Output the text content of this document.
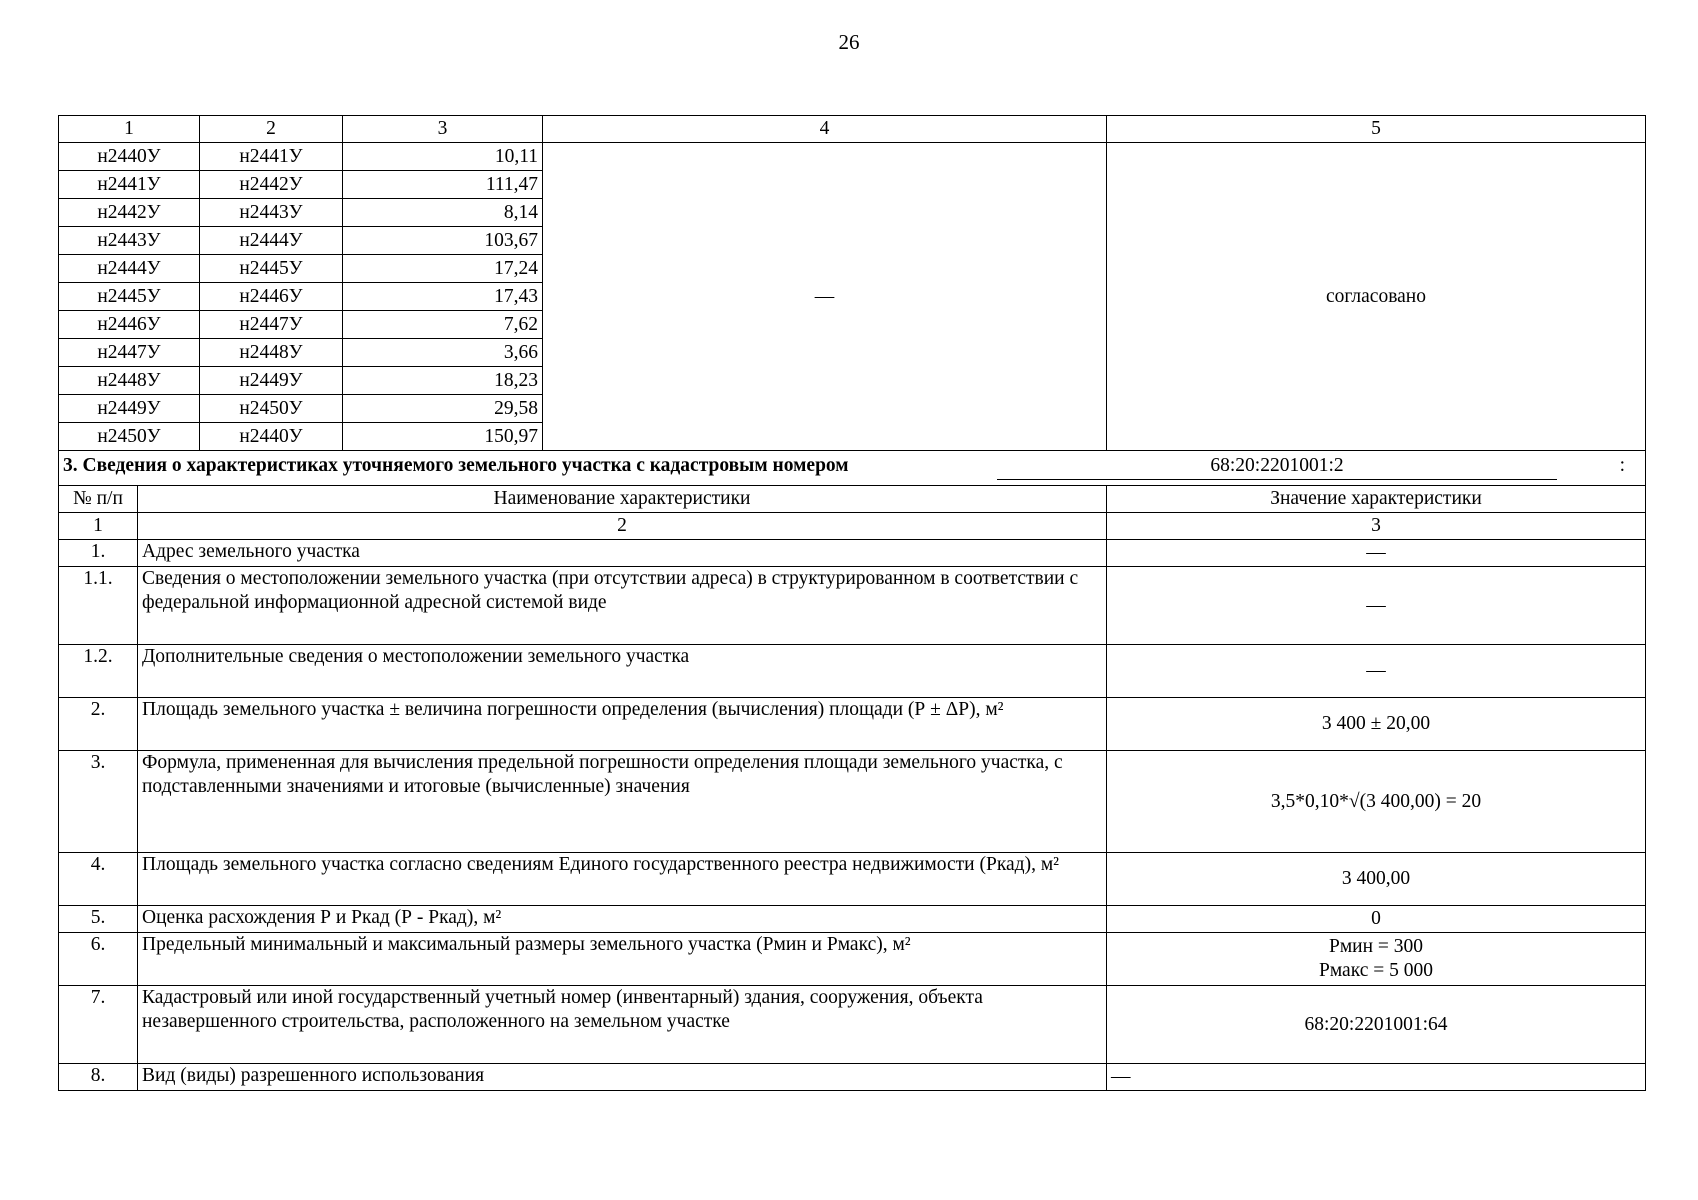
26
1		2	3	4	5
н2440У		н2441У	10,11	—	согласовано
н2441У		н2442У	111,47		
н2442У		н2443У	8,14		
н2443У		н2444У	103,67		
н2444У		н2445У	17,24		
н2445У		н2446У	17,43		
н2446У		н2447У	7,62		
н2447У		н2448У	3,66		
н2448У		н2449У	18,23		
н2449У		н2450У	29,58		
н2450У		н2440У	150,97		

3. Сведения о характеристиках уточняемого земельного участка с кадастровым номером 68:20:2201001:2 :					

№ п/п	Наименование характеристики				Значение характеристики
1	2				3
1.	Адрес земельного участка				—
1.1.	Сведения о местоположении земельного участка (при отсутствии адреса) в структурированном в соответствии с федеральной информационной адресной системой виде				—
1.2.	Дополнительные сведения о местоположении земельного участка				—
2.	Площадь земельного участка ± величина погрешности определения (вычисления) площади (Р ± ΔР), м²				3 400 ± 20,00
3.	Формула, примененная для вычисления предельной погрешности определения площади земельного участка, с подставленными значениями и итоговые (вычисленные) значения				3,5*0,10*√(3 400,00) = 20
4.	Площадь земельного участка согласно сведениям Единого государственного реестра недвижимости (Ркад), м²				3 400,00
5.	Оценка расхождения Р и Ркад (Р - Ркад), м²				0
6.	Предельный минимальный и максимальный размеры земельного участка (Рмин и Рмакс), м²				Рмин = 300
Рмакс = 5 000

7.	Кадастровый или иной государственный учетный номер (инвентарный) здания, сооружения, объекта незавершенного строительства, расположенного на земельном участке				68:20:2201001:64
8.	Вид (виды) разрешенного использования				—
